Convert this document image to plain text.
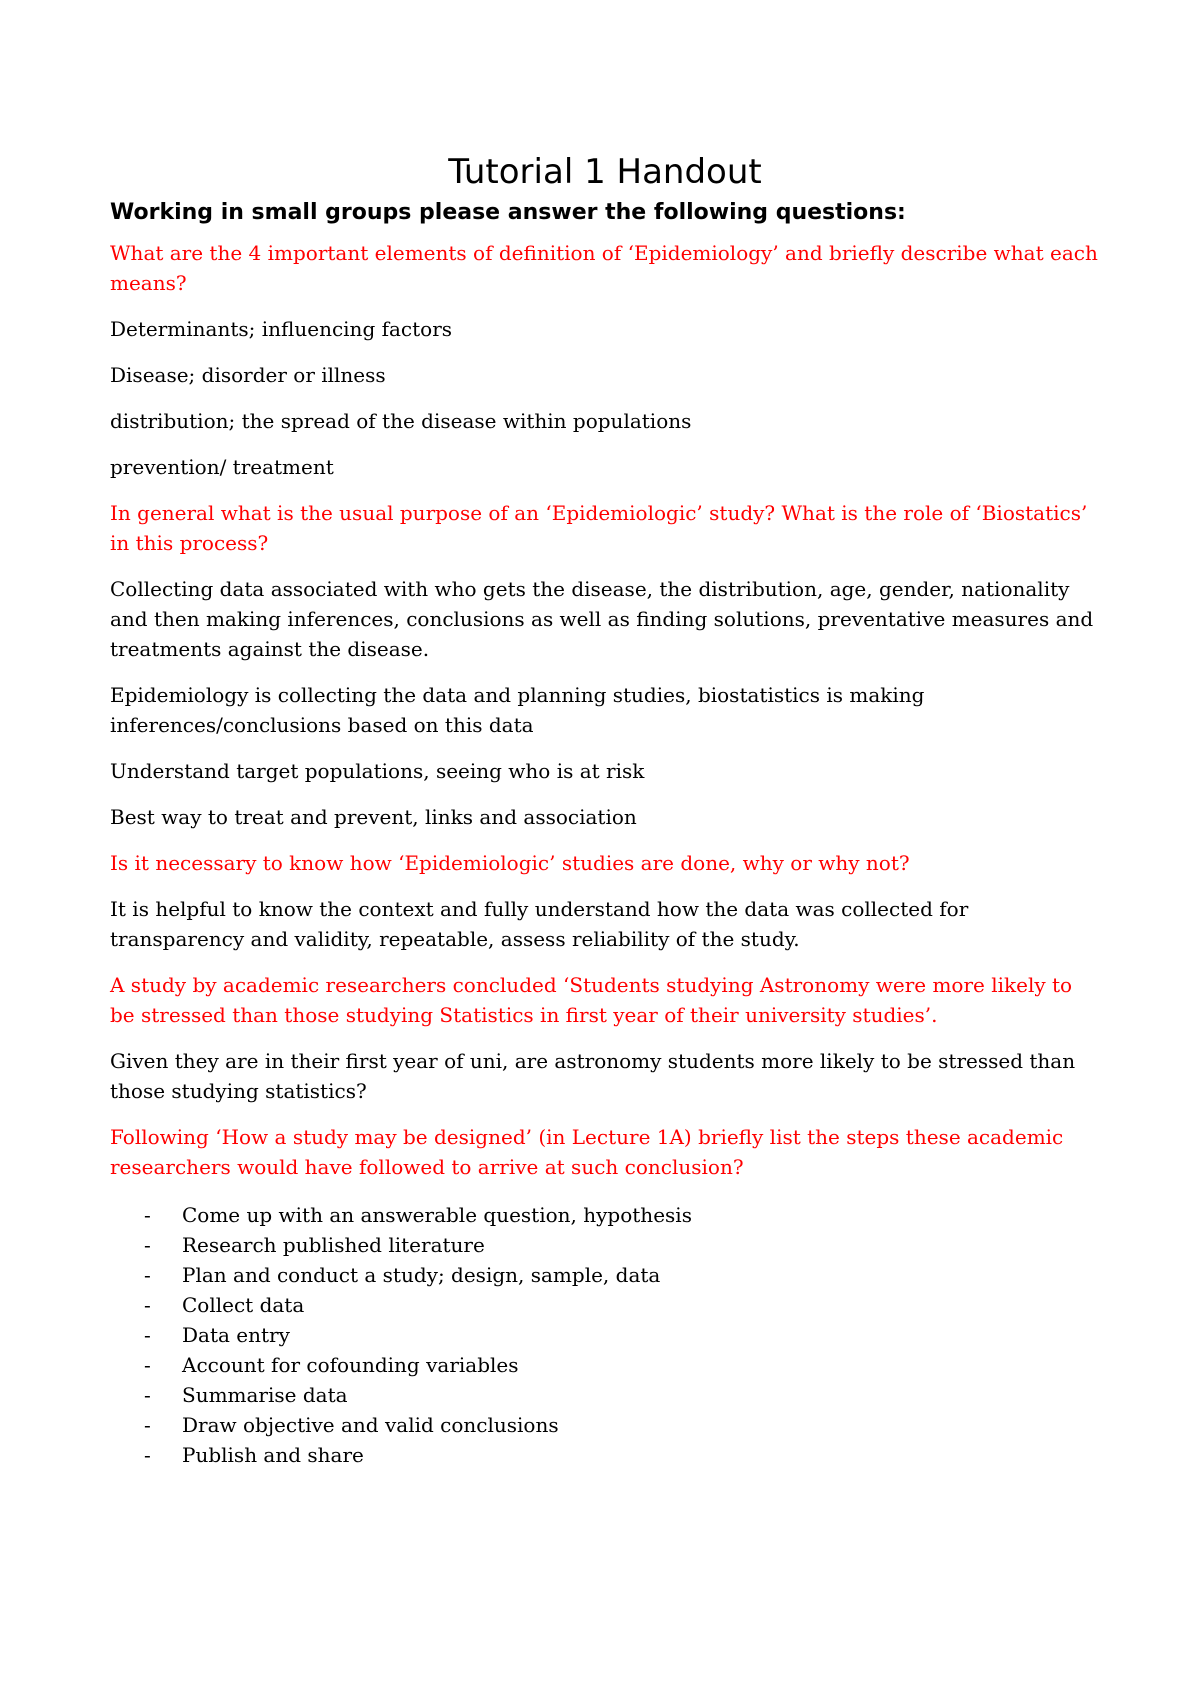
Tutorial 1 Handout

Working in small groups please answer the following questions:

What are the 4 important elements of definition of ‘Epidemiology’ and briefly describe what each means?

Determinants; influencing factors

Disease; disorder or illness

distribution; the spread of the disease within populations

prevention/ treatment

In general what is the usual purpose of an ‘Epidemiologic’ study? What is the role of ‘Biostatics’ in this process?

Collecting data associated with who gets the disease, the distribution, age, gender, nationality and then making inferences, conclusions as well as finding solutions, preventative measures and treatments against the disease.

Epidemiology is collecting the data and planning studies, biostatistics is making inferences/conclusions based on this data

Understand target populations, seeing who is at risk

Best way to treat and prevent, links and association

Is it necessary to know how ‘Epidemiologic’ studies are done, why or why not?

It is helpful to know the context and fully understand how the data was collected for transparency and validity, repeatable, assess reliability of the study.

A study by academic researchers concluded ‘Students studying Astronomy were more likely to be stressed than those studying Statistics in first year of their university studies’.

Given they are in their first year of uni, are astronomy students more likely to be stressed than those studying statistics?

Following ‘How a study may be designed’ (in Lecture 1A) briefly list the steps these academic researchers would have followed to arrive at such conclusion?

- Come up with an answerable question, hypothesis
- Research published literature
- Plan and conduct a study; design, sample, data
- Collect data
- Data entry
- Account for cofounding variables
- Summarise data
- Draw objective and valid conclusions
- Publish and share
